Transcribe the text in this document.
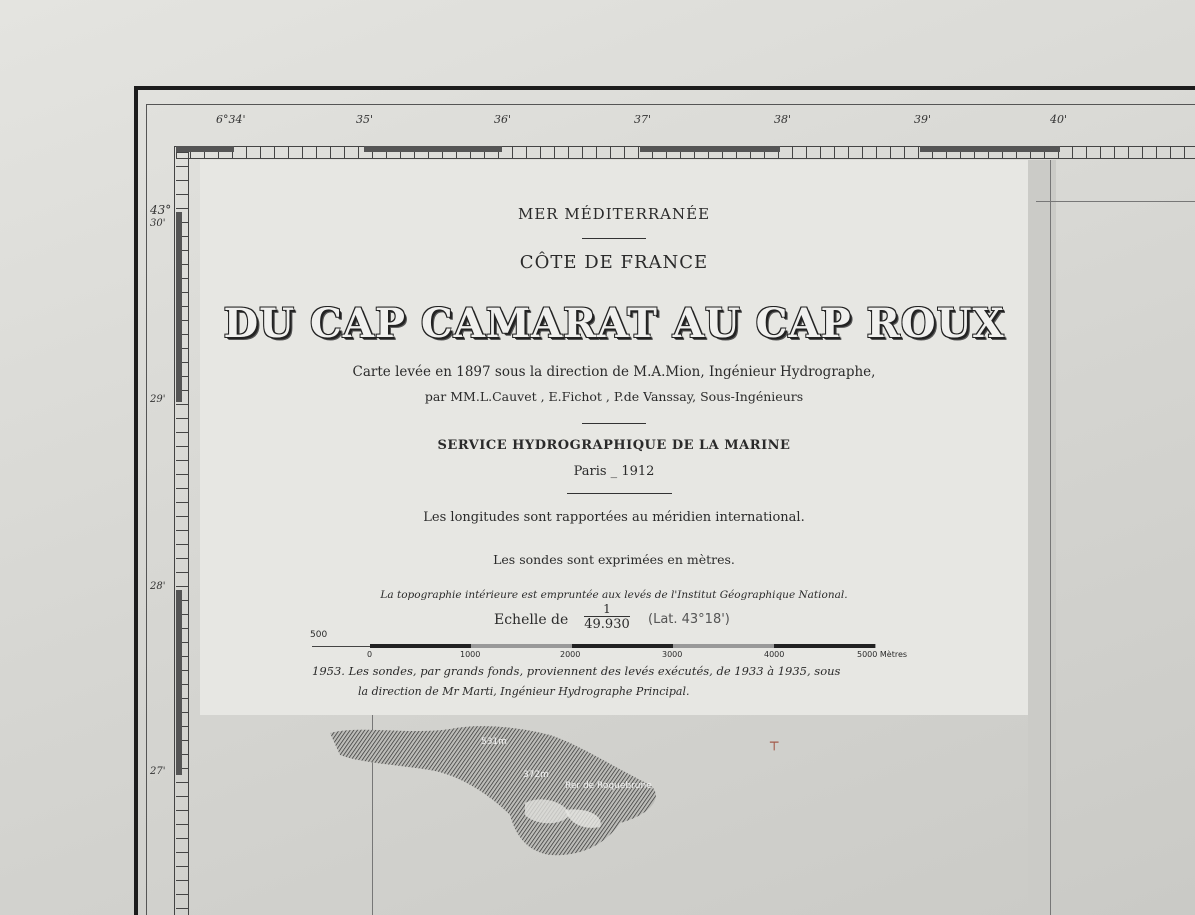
6°34'	35'	36'	37'	38'	39'	40'
43°
30'
29'
28'
27'
MER MÉDITERRANÉE
CÔTE DE FRANCE
DU CAP CAMARAT AU CAP ROUX
Carte levée en 1897 sous la direction de M.A.Mion, Ingénieur Hydrographe,
par MM.L.Cauvet , E.Fichot , P.de Vanssay, Sous-Ingénieurs
SERVICE HYDROGRAPHIQUE DE LA MARINE
Paris _ 1912
Les longitudes sont rapportées au méridien international.
Les sondes sont exprimées en mètres.
La topographie intérieure est empruntée aux levés de l'Institut Géographique National.
Echelle de $\frac{1}{49.930} (Lat$. 43°18')
500
0	1000	2000	3000	4000	5000 Mètres
1953. Les sondes, par grands fonds, proviennent des levés exécutés, de 1933 à 1935, sous
la direction de Mr Marti, Ingénieur Hydrographe Principal.
531m
372m
Rer de Roquebrune
┬
